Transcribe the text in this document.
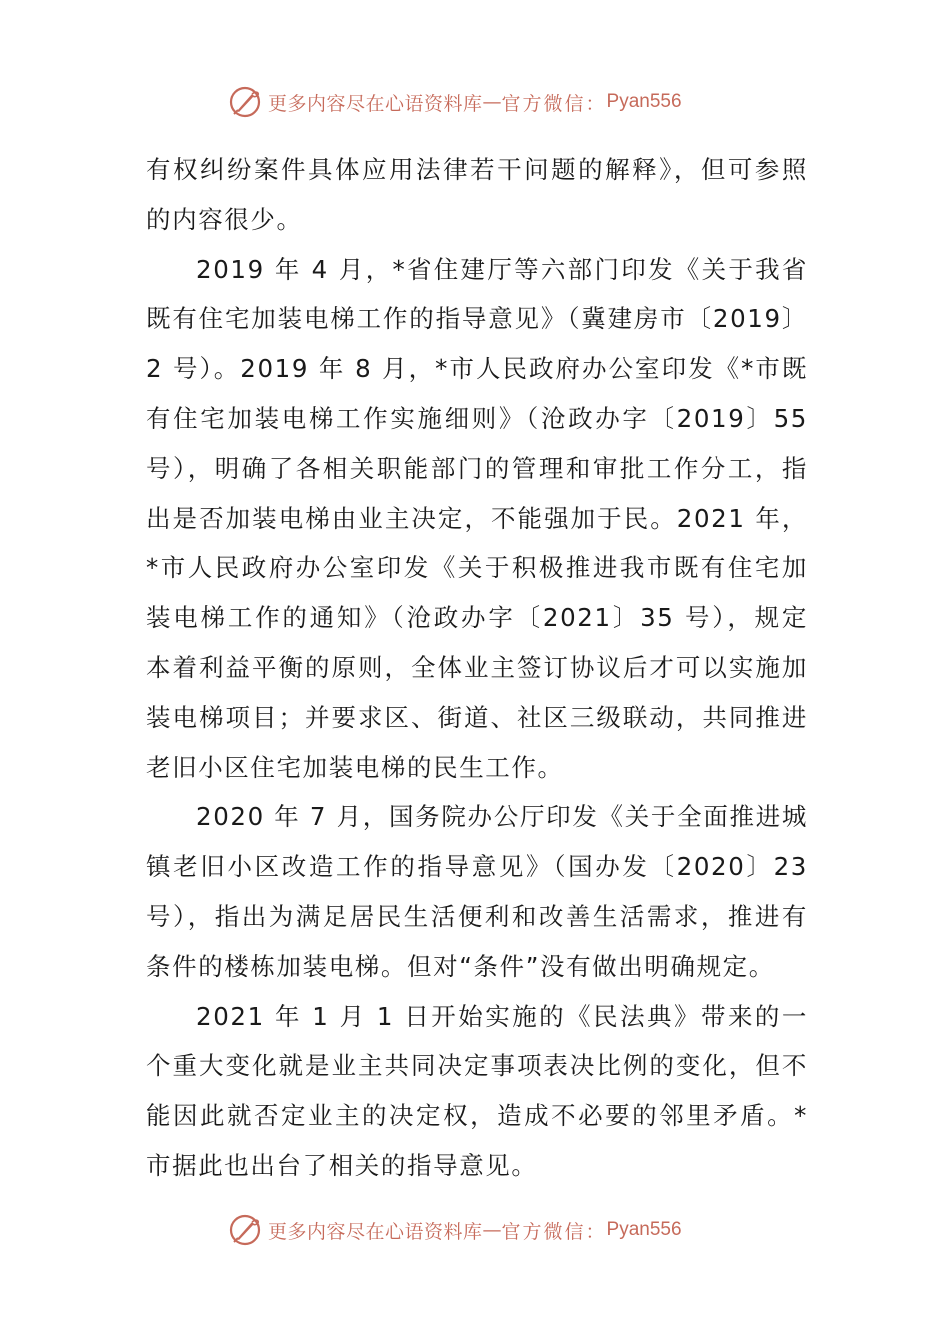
更多内容尽在心语资料库 — 官方微信： Pyan556

有权纠纷案件具体应用法律若干问题的解释》，但可参照的内容很少。

2019 年 4 月，*省住建厅等六部门印发《关于我省既有住宅加装电梯工作的指导意见》（冀建房市〔2019〕2 号）。2019 年 8 月，*市人民政府办公室印发《*市既有住宅加装电梯工作实施细则》（沧政办字〔2019〕55 号），明确了各相关职能部门的管理和审批工作分工，指出是否加装电梯由业主决定，不能强加于民。2021 年，*市人民政府办公室印发《关于积极推进我市既有住宅加装电梯工作的通知》（沧政办字〔2021〕35 号），规定本着利益平衡的原则，全体业主签订协议后才可以实施加装电梯项目；并要求区、街道、社区三级联动，共同推进老旧小区住宅加装电梯的民生工作。

2020 年 7 月，国务院办公厅印发《关于全面推进城镇老旧小区改造工作的指导意见》（国办发〔2020〕23 号），指出为满足居民生活便利和改善生活需求，推进有条件的楼栋加装电梯。但对“条件”没有做出明确规定。

2021 年 1 月 1 日开始实施的《民法典》带来的一个重大变化就是业主共同决定事项表决比例的变化，但不能因此就否定业主的决定权，造成不必要的邻里矛盾。*市据此也出台了相关的指导意见。

更多内容尽在心语资料库 — 官方微信： Pyan556
